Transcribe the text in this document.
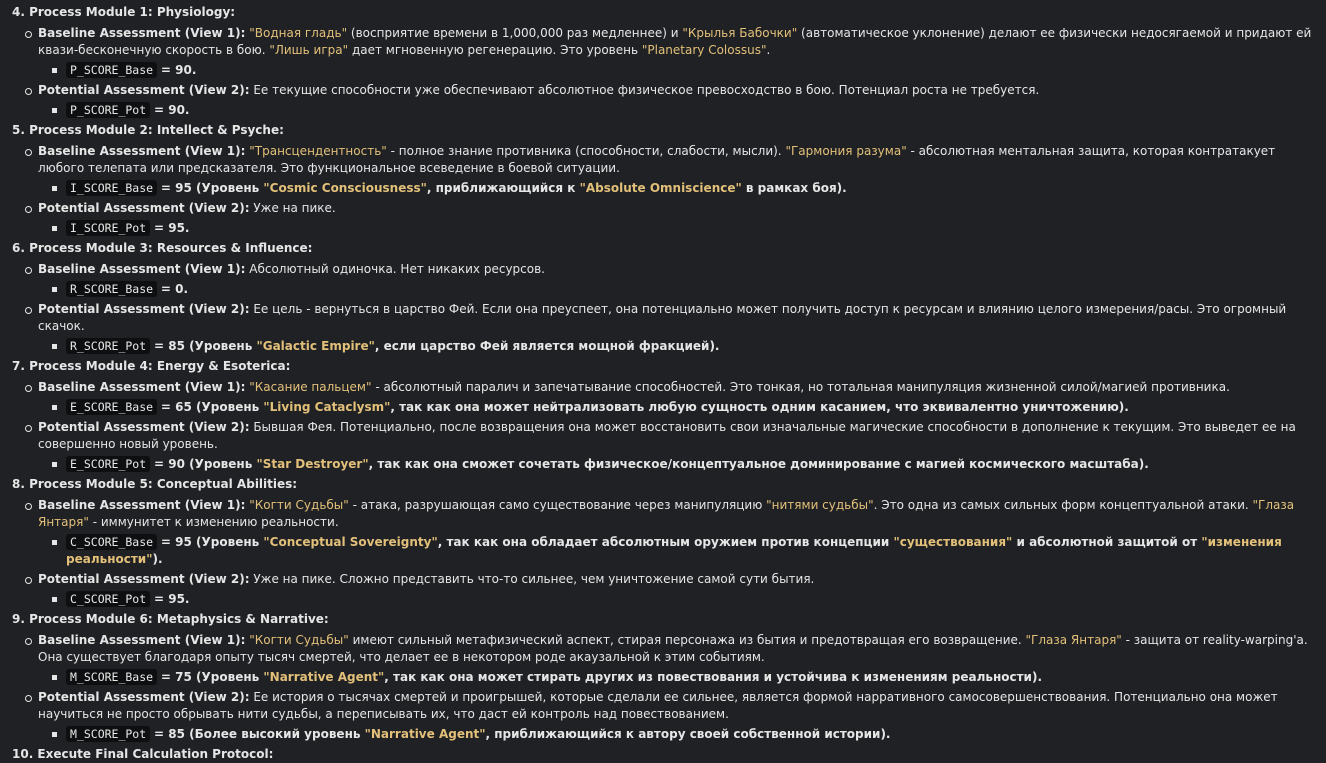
4. Process Module 1: Physiology:
Baseline Assessment (View 1): "Водная гладь" (восприятие времени в 1,000,000 раз медленнее) и "Крылья Бабочки" (автоматическое уклонение) делают ее физически недосягаемой и придают ей квази-бесконечную скорость в бою. "Лишь игра" дает мгновенную регенерацию. Это уровень "Planetary Colossus".
P_SCORE_Base = 90.
Potential Assessment (View 2): Ее текущие способности уже обеспечивают абсолютное физическое превосходство в бою. Потенциал роста не требуется.
P_SCORE_Pot = 90.
5. Process Module 2: Intellect & Psyche:
Baseline Assessment (View 1): "Трансцендентность" - полное знание противника (способности, слабости, мысли). "Гармония разума" - абсолютная ментальная защита, которая контратакует любого телепата или предсказателя. Это функциональное всеведение в боевой ситуации.
I_SCORE_Base = 95 (Уровень "Cosmic Consciousness", приближающийся к "Absolute Omniscience" в рамках боя).
Potential Assessment (View 2): Уже на пике.
I_SCORE_Pot = 95.
6. Process Module 3: Resources & Influence:
Baseline Assessment (View 1): Абсолютный одиночка. Нет никаких ресурсов.
R_SCORE_Base = 0.
Potential Assessment (View 2): Ее цель - вернуться в царство Фей. Если она преуспеет, она потенциально может получить доступ к ресурсам и влиянию целого измерения/расы. Это огромный скачок.
R_SCORE_Pot = 85 (Уровень "Galactic Empire", если царство Фей является мощной фракцией).
7. Process Module 4: Energy & Esoterica:
Baseline Assessment (View 1): "Касание пальцем" - абсолютный паралич и запечатывание способностей. Это тонкая, но тотальная манипуляция жизненной силой/магией противника.
E_SCORE_Base = 65 (Уровень "Living Cataclysm", так как она может нейтрализовать любую сущность одним касанием, что эквивалентно уничтожению).
Potential Assessment (View 2): Бывшая Фея. Потенциально, после возвращения она может восстановить свои изначальные магические способности в дополнение к текущим. Это выведет ее на совершенно новый уровень.
E_SCORE_Pot = 90 (Уровень "Star Destroyer", так как она сможет сочетать физическое/концептуальное доминирование с магией космического масштаба).
8. Process Module 5: Conceptual Abilities:
Baseline Assessment (View 1): "Когти Судьбы" - атака, разрушающая само существование через манипуляцию "нитями судьбы". Это одна из самых сильных форм концептуальной атаки. "Глаза Янтаря" - иммунитет к изменению реальности.
C_SCORE_Base = 95 (Уровень "Conceptual Sovereignty", так как она обладает абсолютным оружием против концепции "существования" и абсолютной защитой от "изменения реальности").
Potential Assessment (View 2): Уже на пике. Сложно представить что-то сильнее, чем уничтожение самой сути бытия.
C_SCORE_Pot = 95.
9. Process Module 6: Metaphysics & Narrative:
Baseline Assessment (View 1): "Когти Судьбы" имеют сильный метафизический аспект, стирая персонажа из бытия и предотвращая его возвращение. "Глаза Янтаря" - защита от reality-warping'a. Она существует благодаря опыту тысяч смертей, что делает ее в некотором роде акаузальной к этим событиям.
M_SCORE_Base = 75 (Уровень "Narrative Agent", так как она может стирать других из повествования и устойчива к изменениям реальности).
Potential Assessment (View 2): Ее история о тысячах смертей и проигрышей, которые сделали ее сильнее, является формой нарративного самосовершенствования. Потенциально она может научиться не просто обрывать нити судьбы, а переписывать их, что даст ей контроль над повествованием.
M_SCORE_Pot = 85 (Более высокий уровень "Narrative Agent", приближающийся к автору своей собственной истории).
10. Execute Final Calculation Protocol:
